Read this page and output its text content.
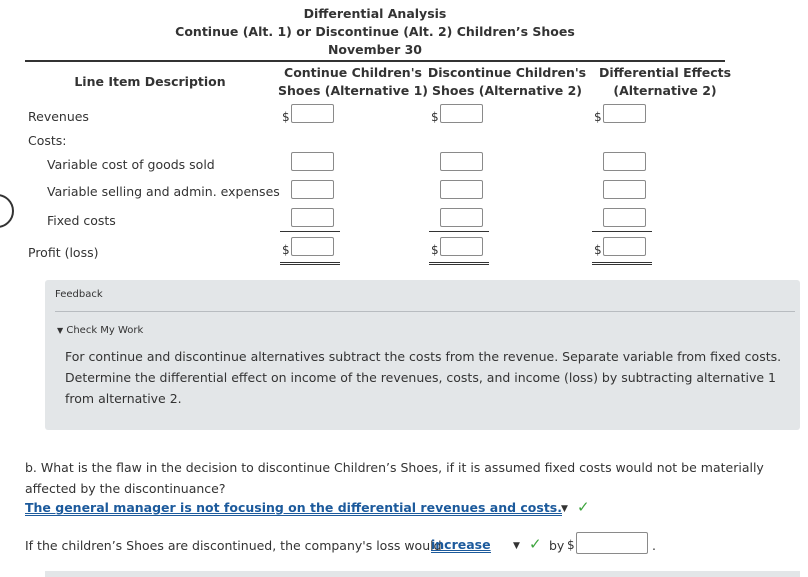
Differential Analysis
Continue (Alt. 1) or Discontinue (Alt. 2) Children’s Shoes
November 30
Line Item Description
Continue Children's
Shoes (Alternative 1)
Discontinue Children's
Shoes (Alternative 2)
Differential Effects
(Alternative 2)
Revenues
Costs:
Variable cost of goods sold
Variable selling and admin. expenses
Fixed costs
Profit (loss)
$
$
$
$
$
$
Feedback
▼ Check My Work
For continue and discontinue alternatives subtract the costs from the revenue. Separate variable from fixed costs. Determine the differential effect on income of the revenues, costs, and income (loss) by subtracting alternative 1 from alternative 2.
b. What is the flaw in the decision to discontinue Children’s Shoes, if it is assumed fixed costs would not be materially affected by the discontinuance?
The general manager is not focusing on the differential revenues and costs. ▼ ✓
If the children’s Shoes are discontinued, the company's loss would
increase ▼ ✓ by $	.
